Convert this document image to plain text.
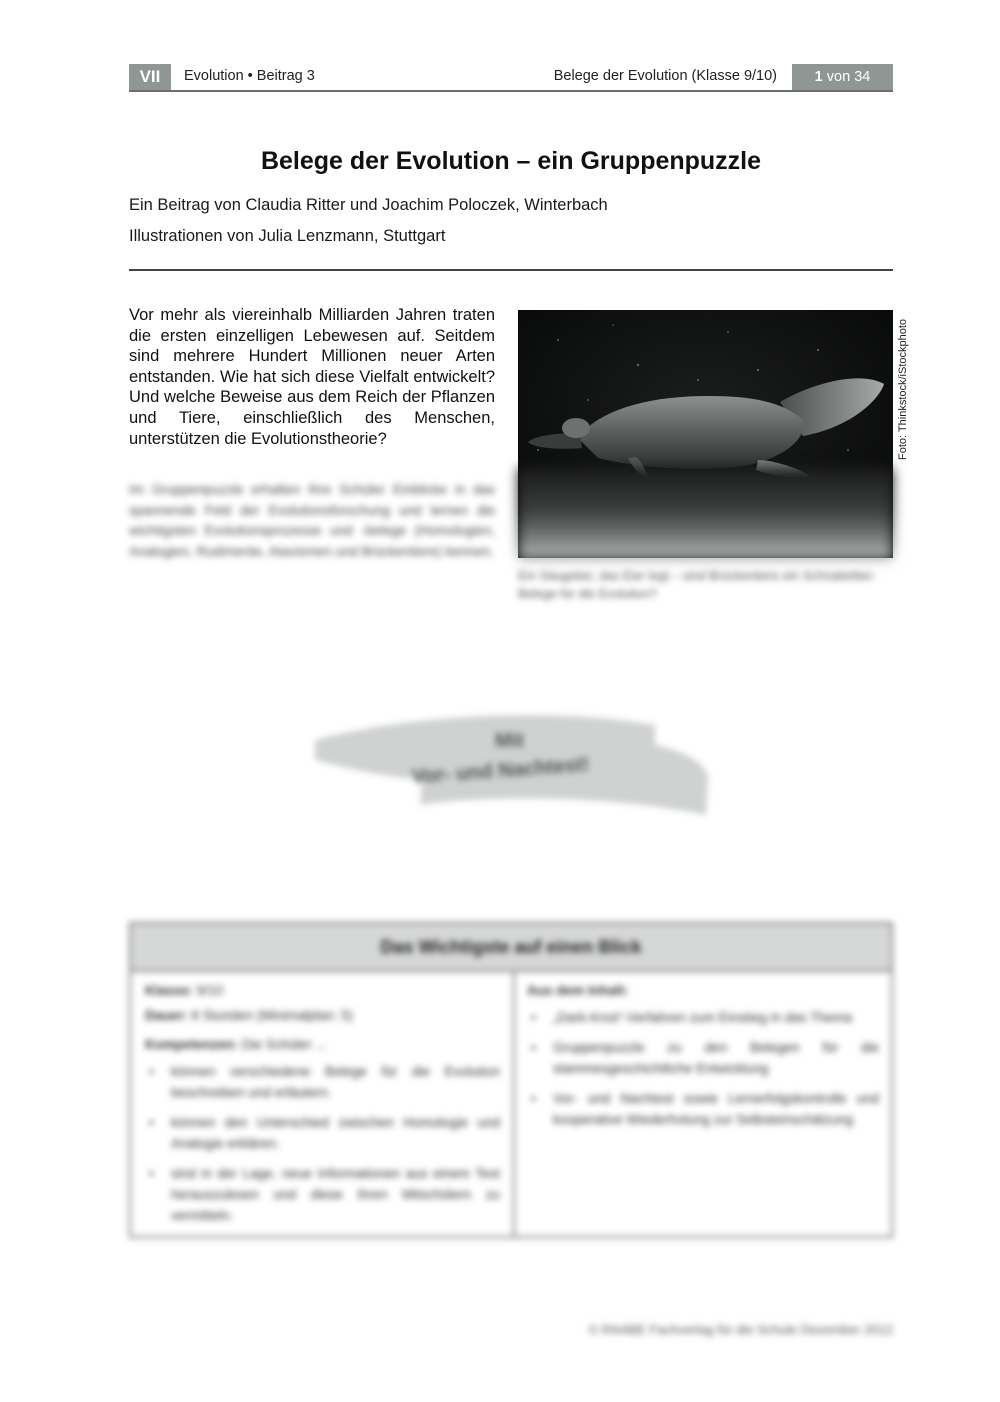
VII	Evolution • Beitrag 3	Belege der Evolution (Klasse 9/10)	1 von 34
Belege der Evolution – ein Gruppenpuzzle
Ein Beitrag von Claudia Ritter und Joachim Poloczek, Winterbach
Illustrationen von Julia Lenzmann, Stuttgart
Vor mehr als viereinhalb Milliarden Jahren traten die ersten einzelligen Lebewesen auf. Seitdem sind mehrere Hundert Millionen neuer Arten entstanden. Wie hat sich diese Vielfalt entwickelt? Und welche Beweise aus dem Reich der Pflanzen und Tiere, einschließlich des Menschen, unterstützen die Evolutionstheorie?
Im Gruppenpuzzle erhalten Ihre Schüler Einblicke in das spannende Feld der Evolutionsforschung und lernen die wichtigsten Evolutionsprozesse und -belege (Homologien, Analogien, Rudimente, Atavismen und Brückentiere) kennen.
Foto: Thinkstock/iStockphoto
Ein Säugetier, das Eier legt – sind Brückentiere ein Schnabeltier-Belege für die Evolution?
Mit
Vor- und Nachtest!
Das Wichtigste auf einen Blick

Klasse: 9/10

Dauer: 8 Stunden (Minimalplan: 5)

Kompetenzen: Die Schüler ...

• können verschiedene Belege für die Evolution beschreiben und erläutern.
• können den Unterschied zwischen Homologie und Analogie erklären.
• sind in der Lage, neue Informationen aus einem Text herauszulesen und diese ihren Mitschülern zu vermitteln.

Aus dem Inhalt:

• „Dark-Knot“-Verfahren zum Einstieg in das Thema
• Gruppenpuzzle zu den Belegen für die stammesgeschichtliche Entwicklung
• Vor- und Nachtest sowie Lernerfolgskontrolle und kooperative Wiederholung zur Selbsteinschätzung
© RAABE Fachverlag für die Schule Dezember 2012
